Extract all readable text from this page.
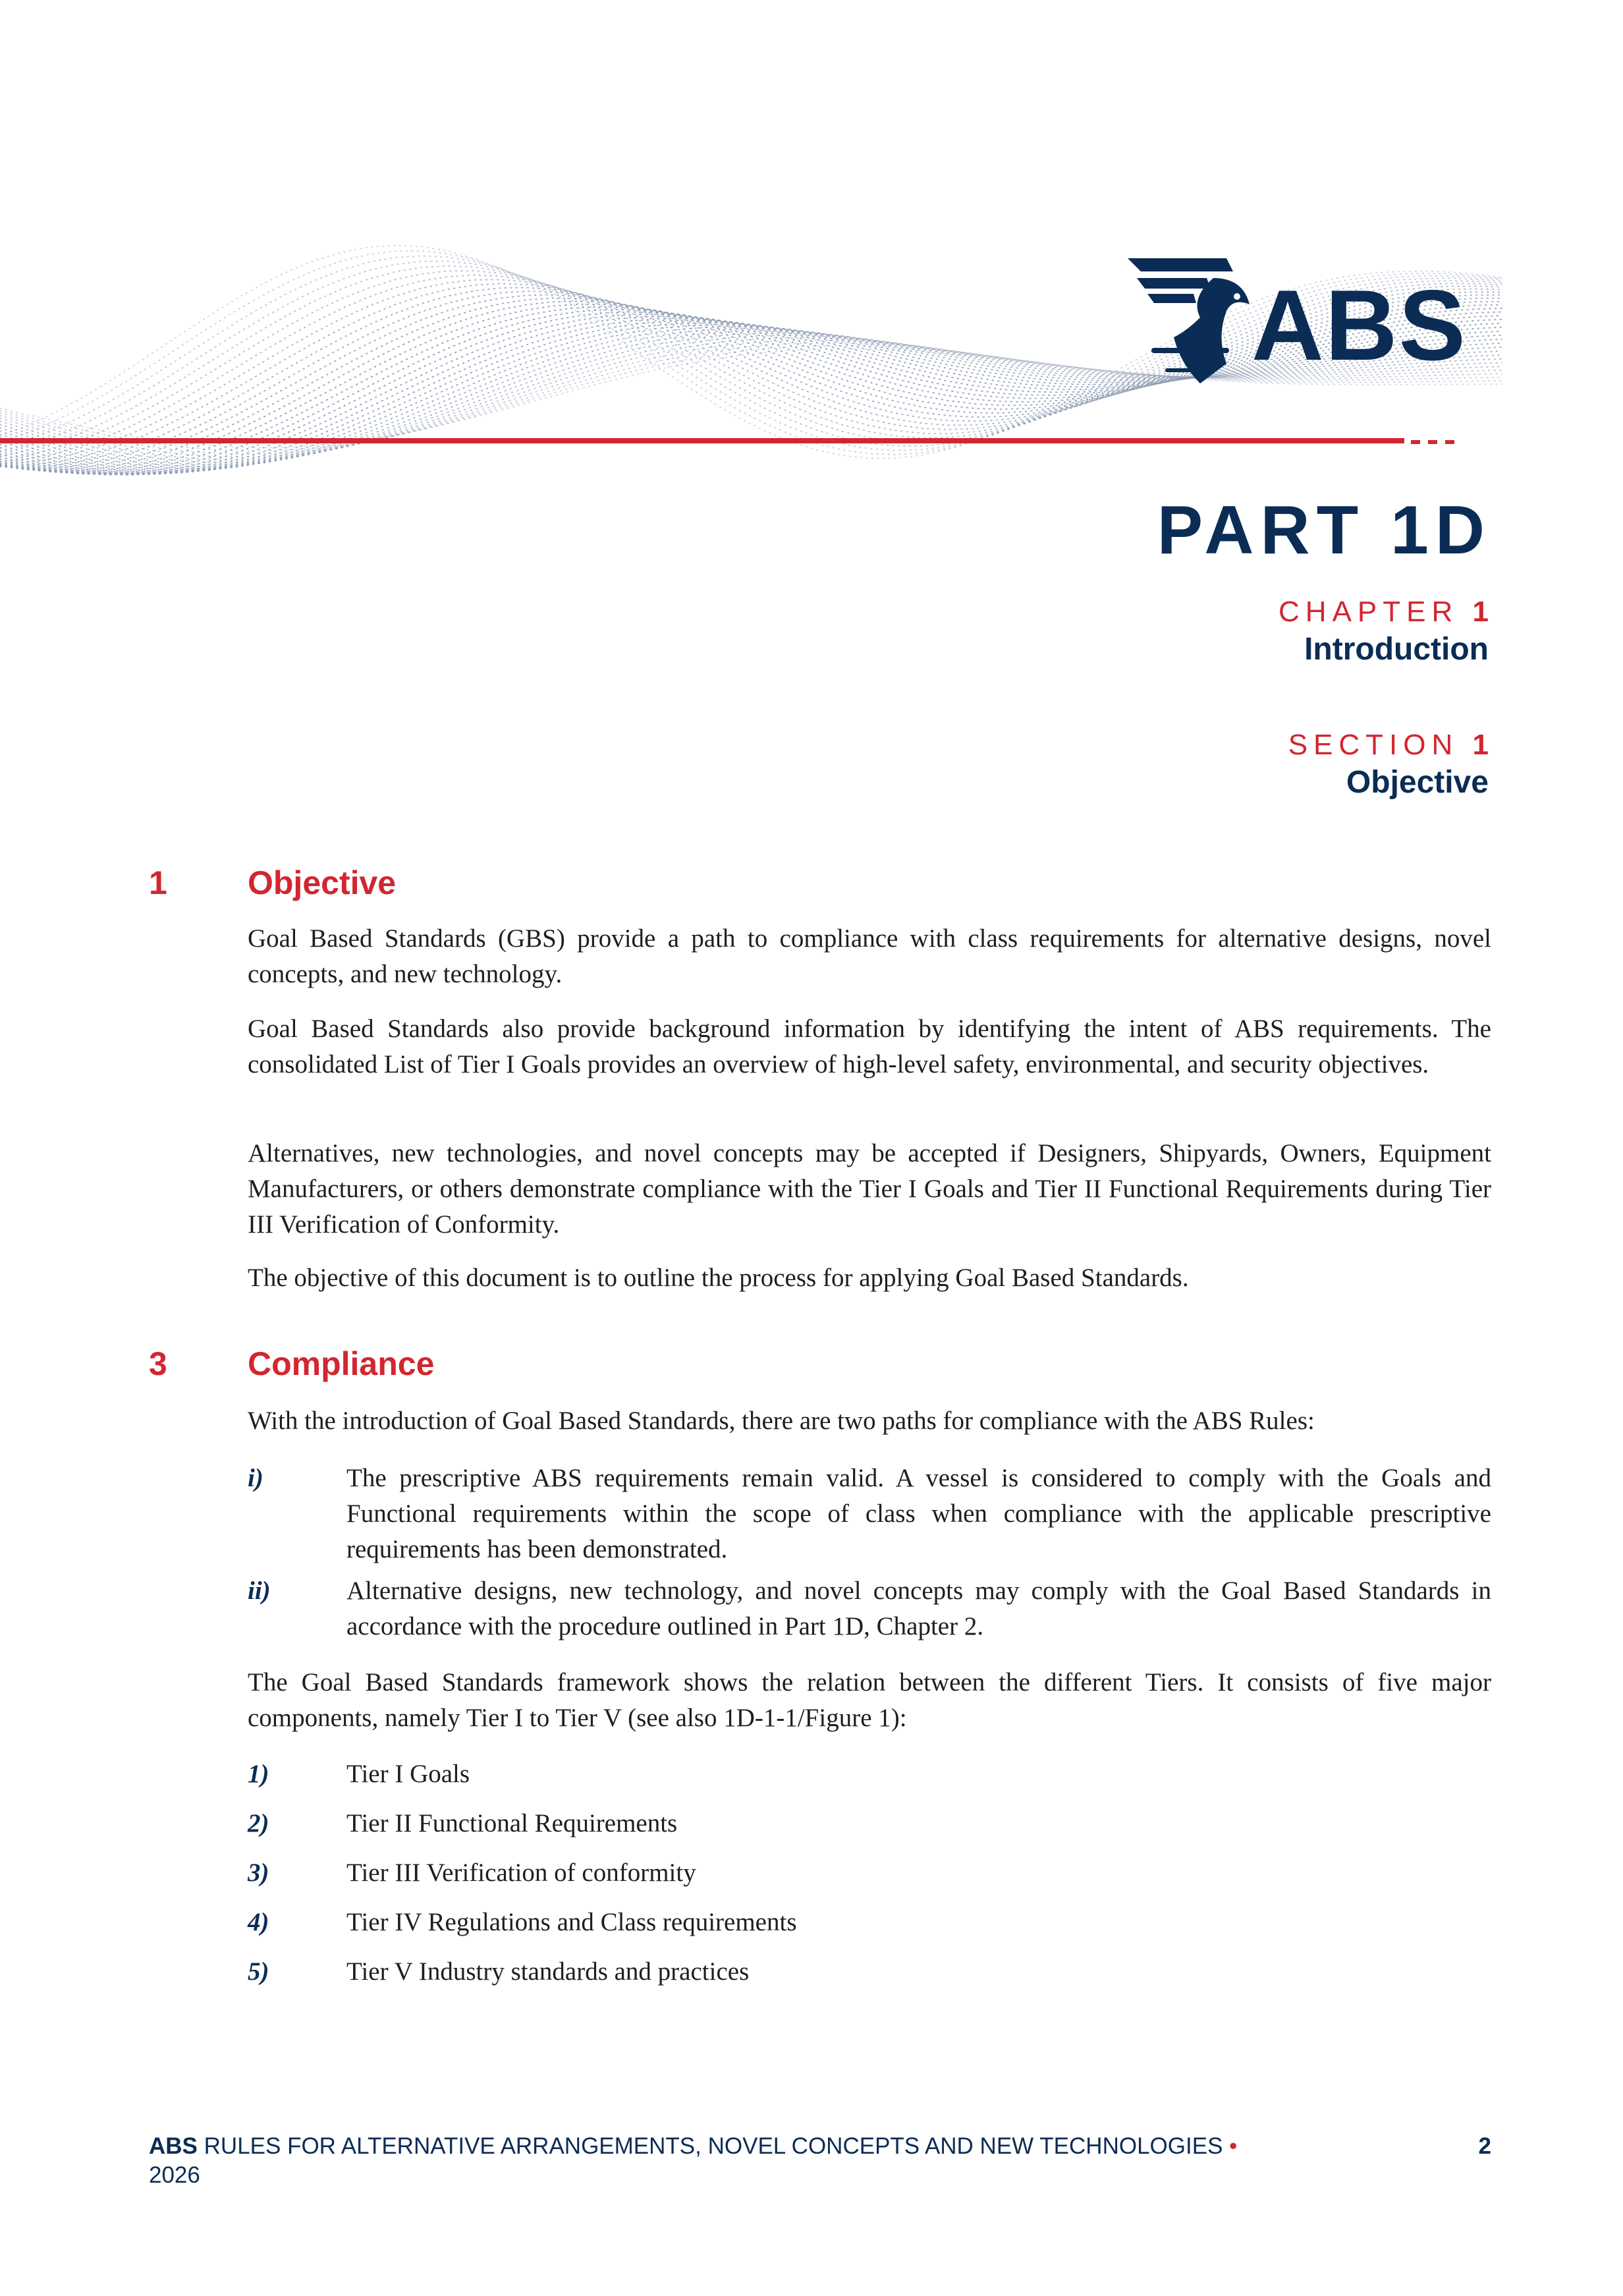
ABS
PART 1D
CHAPTER 1
Introduction
SECTION 1
Objective
1 Objective

Goal Based Standards (GBS) provide a path to compliance with class requirements for alternative designs, novel concepts, and new technology.

Goal Based Standards also provide background information by identifying the intent of ABS requirements. The consolidated List of Tier I Goals provides an overview of high-level safety, environmental, and security objectives.

Alternatives, new technologies, and novel concepts may be accepted if Designers, Shipyards, Owners, Equipment Manufacturers, or others demonstrate compliance with the Tier I Goals and Tier II Functional Requirements during Tier III Verification of Conformity.

The objective of this document is to outline the process for applying Goal Based Standards.

3 Compliance

With the introduction of Goal Based Standards, there are two paths for compliance with the ABS Rules:

i)	The prescriptive ABS requirements remain valid. A vessel is considered to comply with the Goals and Functional requirements within the scope of class when compliance with the applicable prescriptive requirements has been demonstrated.

ii)	Alternative designs, new technology, and novel concepts may comply with the Goal Based Standards in accordance with the procedure outlined in Part 1D, Chapter 2.

The Goal Based Standards framework shows the relation between the different Tiers. It consists of five major components, namely Tier I to Tier V (see also 1D-1-1/Figure 1):

1)	Tier I Goals

2)	Tier II Functional Requirements

3)	Tier III Verification of conformity

4)	Tier IV Regulations and Class requirements

5)	Tier V Industry standards and practices

ABS RULES FOR ALTERNATIVE ARRANGEMENTS, NOVEL CONCEPTS AND NEW TECHNOLOGIES •
2026
2
